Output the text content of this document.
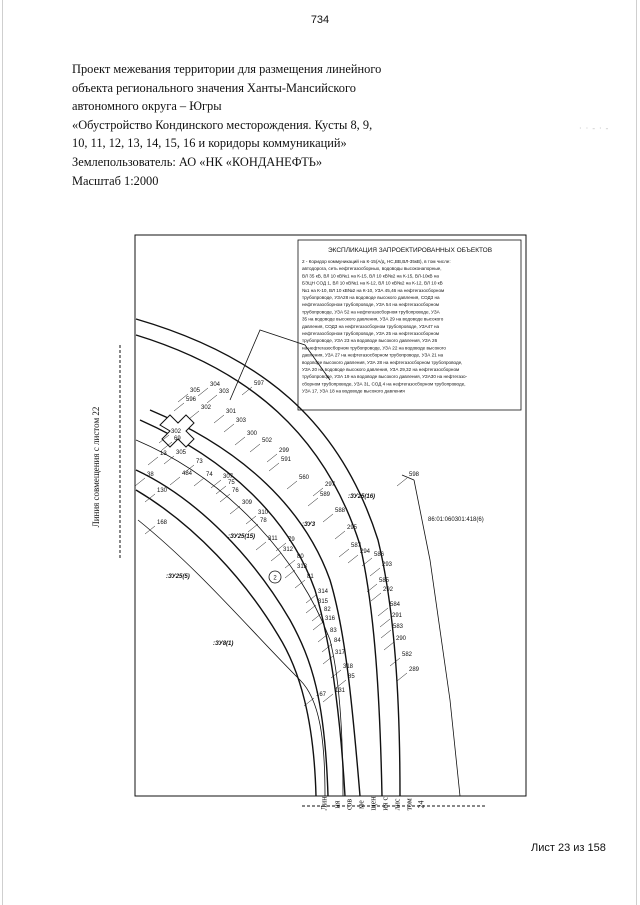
734
Проект межевания территории для размещения линейного
объекта регионального значения Ханты-Мансийского
автономного округа – Югры
«Обустройство Кондинского месторождения. Кусты 8, 9,
10, 11, 12, 13, 14, 15, 16 и коридоры коммуникаций»
Землепользователь: АО «НК «КОНДАНЕФТЬ»
Масштаб 1:2000
· · - · -
Линия совмещения с листом 22
Лин ия сов ме щен ия с лис том 24
ЭКСПЛИКАЦИЯ ЗАПРОЕКТИРОВАННЫХ ОБЪЕКТОВ
2 - Коридор коммуникаций на К-15(А/д, НС,ВВ,ВЛ-35кВ), в том числе:
автодорога, сеть нефтегазосборных, водоводы высоконапорные,
ВЛ 35 кВ, ВЛ 10 кВ№1 на К-15, ВЛ 10 кВ№2 на К-15, ВЛ-10кВ на
БЭЦН СОД 1, ВЛ 10 кВ№1 на К-12, ВЛ 10 кВ№2 на К-12, ВЛ 10 кВ
№1 на К-10, ВЛ 10 кВ№2 на К-10, УЗА 45,46 на нефтегазосборном
трубопроводе, УЗА28 на водоводе высокого давления, СОД3 на
нефтегазосборном трубопроводе, УЗА 54 на нефтегазосборном
трубопроводе, УЗА 52 на нефтегазосборном трубопроводе, УЗА
35 на водоводе высокого давления, УЗА 29 на водоводе высокого
давления, СОД3 на нефтегазосборном трубопроводе, УЗА47 на
нефтегазосборном трубопроводе, УЗА 25 на нефтегазосборном
трубопроводе, УЗА 23 на водоводе высокого давления, УЗА 26
на нефтегазосборном трубопроводе, УЗА 22 на водоводе высокого
давления, УЗА 27 на нефтегазосборном трубопроводе, УЗА 21 на
водоводе высокого давления, УЗА 28 на нефтегазосборном трубопроводе,
УЗА 20 на водоводе высокого давления, УЗА 29,32 на нефтегазосборном
трубопроводе, УЗА 19 на водоводе высокого давления, УЗА30 на нефтегазо-
сборном трубопроводе, УЗА 31, СОД 4 на нефтегазосборном трубопроводе,
УЗА 17, УЗА 18 на водоводе высокого давления
2
:ЗУ25(16)
:ЗУ3
:ЗУ25(15)
:ЗУ25(5)
:ЗУ8(1)
86:01:060301:418(6)
304
305	303
596
302
301
597
302
69
300
303
13 305
73
502
299
74
38	484	307
75
591
76
560
297
130
309
589
598
310	588
78
295
311 79
168
587
312	294
80	586
313	293
81
585
314	292
315	584
82
291
316
583
83
290
84
582
317
318	289
85
167
131
Лист 23 из 158
